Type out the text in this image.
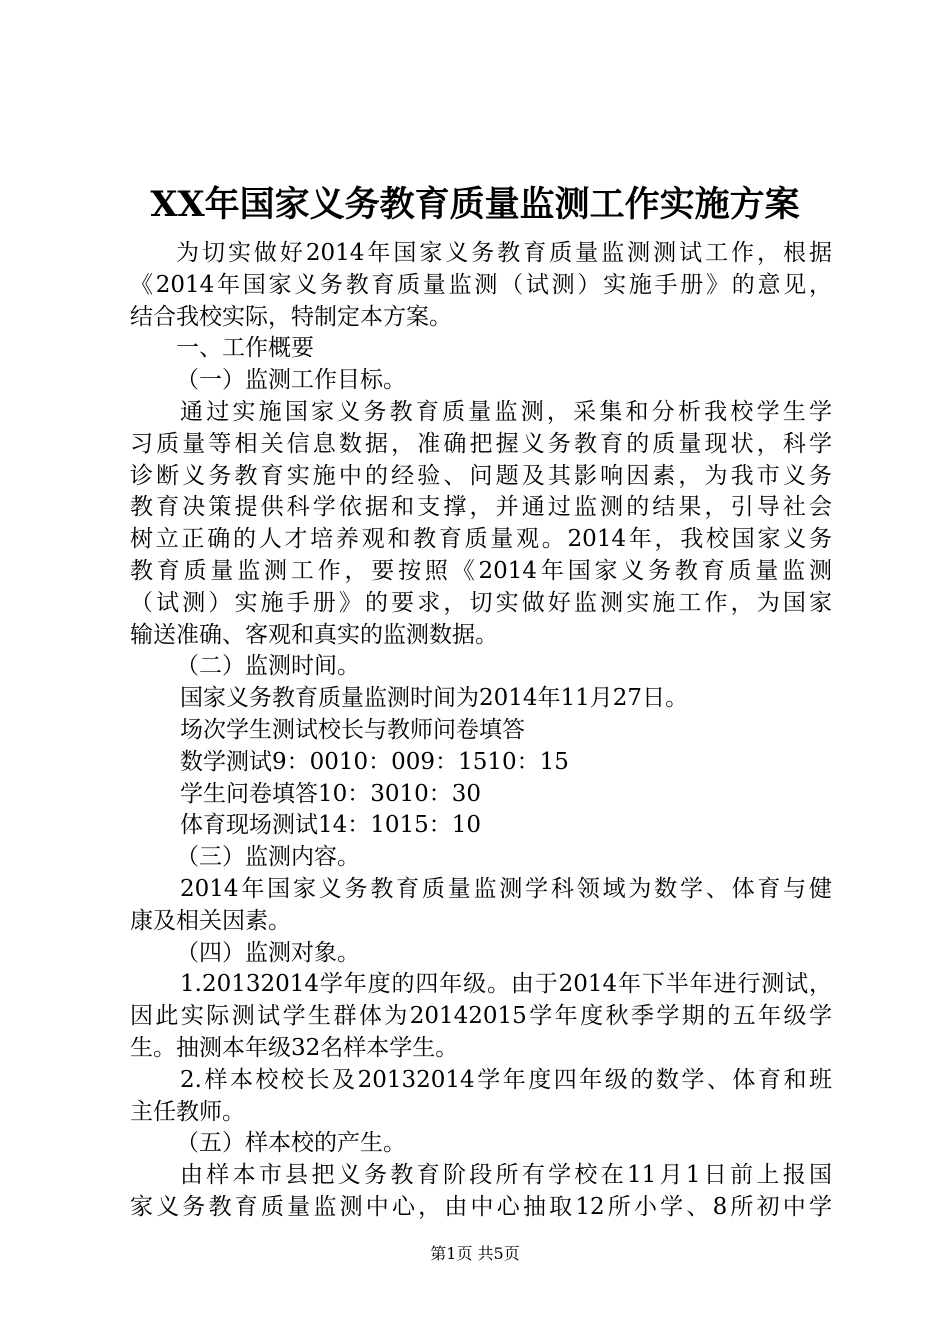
XX年国家义务教育质量监测工作实施方案
为切实做好2014年国家义务教育质量监测测试工作，根据
《2014年国家义务教育质量监测（试测）实施手册》的意见，
结合我校实际，特制定本方案。
一、工作概要
（一）监测工作目标。
通过实施国家义务教育质量监测，采集和分析我校学生学
习质量等相关信息数据，准确把握义务教育的质量现状，科学
诊断义务教育实施中的经验、问题及其影响因素，为我市义务
教育决策提供科学依据和支撑，并通过监测的结果，引导社会
树立正确的人才培养观和教育质量观。2014年，我校国家义务
教育质量监测工作，要按照《2014年国家义务教育质量监测
（试测）实施手册》的要求，切实做好监测实施工作，为国家
输送准确、客观和真实的监测数据。
（二）监测时间。
国家义务教育质量监测时间为2014年11月27日。
场次学生测试校长与教师问卷填答
数学测试9：0010：009：1510：15
学生问卷填答10：3010：30
体育现场测试14：1015：10
（三）监测内容。
2014年国家义务教育质量监测学科领域为数学、体育与健
康及相关因素。
（四）监测对象。
1.20132014学年度的四年级。由于2014年下半年进行测试，
因此实际测试学生群体为20142015学年度秋季学期的五年级学
生。抽测本年级32名样本学生。
2.样本校校长及20132014学年度四年级的数学、体育和班
主任教师。
（五）样本校的产生。
由样本市县把义务教育阶段所有学校在11月1日前上报国
家义务教育质量监测中心，由中心抽取12所小学、8所初中学
第1页 共5页
